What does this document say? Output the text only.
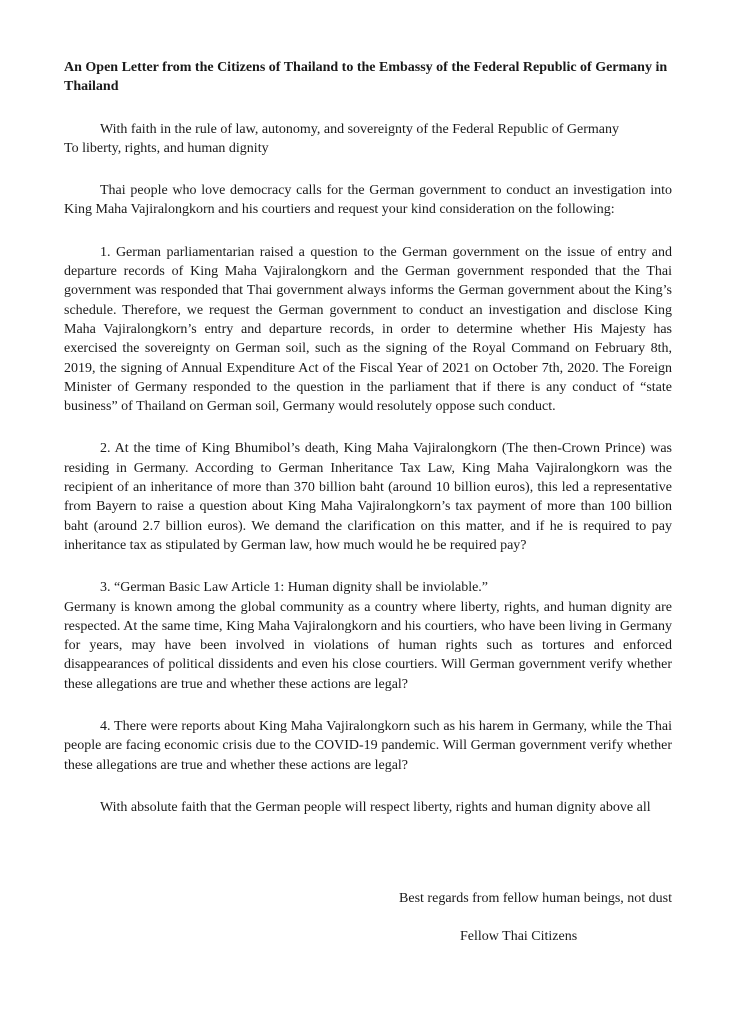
An Open Letter from the Citizens of Thailand to the Embassy of the Federal Republic of Germany in Thailand

With faith in the rule of law, autonomy, and sovereignty of the Federal Republic of Germany

To liberty, rights, and human dignity

Thai people who love democracy calls for the German government to conduct an investigation into King Maha Vajiralongkorn and his courtiers and request your kind consideration on the following:

1. German parliamentarian raised a question to the German government on the issue of entry and departure records of King Maha Vajiralongkorn and the German government responded that the Thai government was responded that Thai government always informs the German government about the King’s schedule. Therefore, we request the German government to conduct an investigation and disclose King Maha Vajiralongkorn’s entry and departure records, in order to determine whether His Majesty has exercised the sovereignty on German soil, such as the signing of the Royal Command on February 8th, 2019, the signing of Annual Expenditure Act of the Fiscal Year of 2021 on October 7th, 2020. The Foreign Minister of Germany responded to the question in the parliament that if there is any conduct of “state business” of Thailand on German soil, Germany would resolutely oppose such conduct.

2. At the time of King Bhumibol’s death, King Maha Vajiralongkorn (The then-Crown Prince) was residing in Germany. According to German Inheritance Tax Law, King Maha Vajiralongkorn was the recipient of an inheritance of more than 370 billion baht (around 10 billion euros), this led a representative from Bayern to raise a question about King Maha Vajiralongkorn’s tax payment of more than 100 billion baht (around 2.7 billion euros). We demand the clarification on this matter, and if he is required to pay inheritance tax as stipulated by German law, how much would he be required pay?

3. “German Basic Law Article 1: Human dignity shall be inviolable.”

Germany is known among the global community as a country where liberty, rights, and human dignity are respected. At the same time, King Maha Vajiralongkorn and his courtiers, who have been living in Germany for years, may have been involved in violations of human rights such as tortures and enforced disappearances of political dissidents and even his close courtiers. Will German government verify whether these allegations are true and whether these actions are legal?

4. There were reports about King Maha Vajiralongkorn such as his harem in Germany, while the Thai people are facing economic crisis due to the COVID-19 pandemic. Will German government verify whether these allegations are true and whether these actions are legal?

With absolute faith that the German people will respect liberty, rights and human dignity above all

Best regards from fellow human beings, not dust
Fellow Thai Citizens
